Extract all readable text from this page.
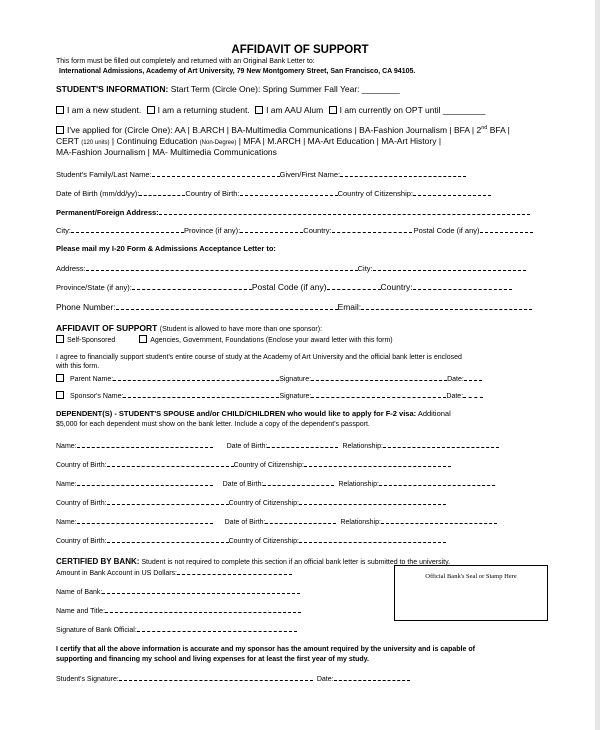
AFFIDAVIT OF SUPPORT
This form must be filled out completely and returned with an Original Bank Letter to:
International Admissions, Academy of Art University, 79 New Montgomery Street, San Francisco, CA 94105.
STUDENT'S INFORMATION: Start Term (Circle One): Spring Summer Fall Year: ________
I am a new student. I am a returning student. I am AAU Alum I am currently on OPT until _________
I've applied for (Circle One): AA | B.ARCH | BA-Multimedia Communications | BA-Fashion Journalism | BFA | 2nd BFA |
CERT (120 units) | Continuing Education (Non-Degree) | MFA | M.ARCH | MA-Art Education | MA-Art History |
MA-Fashion Journalism | MA- Multimedia Communications
Student's Family/Last Name:	Given/First Name:
Date of Birth (mm/dd/yy):	Country of Birth:	Country of Citizenship:
Permanent/Foreign Address:
City:	Province (if any):	Country:	Postal Code (if any)
Please mail my I-20 Form & Admissions Acceptance Letter to:
Address:	City:
Province/State (if any):	Postal Code (if any)	Country:
Phone Number:	Email:
AFFIDAVIT OF SUPPORT (Student is allowed to have more than one sponsor):
Self-Sponsored	Agencies, Government, Foundations (Enclose your award letter with this form)
I agree to financially support student's entire course of study at the Academy of Art University and the official bank letter is enclosed
with this form.
Parent Name:	Signature:	Date:
Sponsor's Name:	Signature:	Date:
DEPENDENT(S) - STUDENT'S SPOUSE and/or CHILD/CHILDREN who would like to apply for F-2 visa: Additional
$5,000 for each dependent must show on the bank letter. Include a copy of the dependent's passport.
Name:	Date of Birth:	Relationship:
Country of Birth:	Country of Citizenship:
Name:	Date of Birth:	Relationship:
Country of Birth:	Country of Citizenship:
Name:	Date of Birth:	Relationship:
Country of Birth:	Country of Citizenship:
CERTIFIED BY BANK: Student is not required to complete this section if an official bank letter is submitted to the university.
Amount in Bank Account in US Dollars:
Name of Bank:
Name and Title:
Signature of Bank Official:
Official Bank's Seal or Stamp Here
I certify that all the above information is accurate and my sponsor has the amount required by the university and is capable of
supporting and financing my school and living expenses for at least the first year of my study.
Student's Signature:	Date:
